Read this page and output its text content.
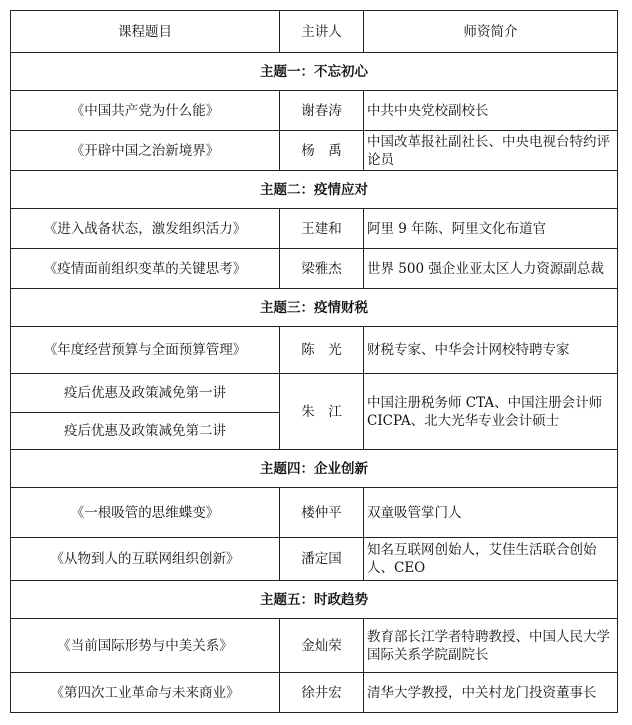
课程题目	主讲人	师资简介
主题一：不忘初心		
《中国共产党为什么能》	谢春涛	中共中央党校副校长
《开辟中国之治新境界》	杨　禹	中国改革报社副社长、中央电视台特约评论员
主题二：疫情应对		
《进入战备状态，激发组织活力》	王建和	阿里 9 年陈、阿里文化布道官
《疫情面前组织变革的关键思考》	梁雅杰	世界 500 强企业亚太区人力资源副总裁
主题三：疫情财税		
《年度经营预算与全面预算管理》	陈　光	财税专家、中华会计网校特聘专家
疫后优惠及政策减免第一讲	朱　江	中国注册税务师 CTA、中国注册会计师 CICPA、北大光华专业会计硕士
疫后优惠及政策减免第二讲		
主题四：企业创新		
《一根吸管的思维蝶变》	楼仲平	双童吸管掌门人
《从物到人的互联网组织创新》	潘定国	知名互联网创始人，艾佳生活联合创始人、CEO
主题五：时政趋势		
《当前国际形势与中美关系》	金灿荣	教育部长江学者特聘教授、中国人民大学国际关系学院副院长
《第四次工业革命与未来商业》	徐井宏	清华大学教授，中关村龙门投资董事长
